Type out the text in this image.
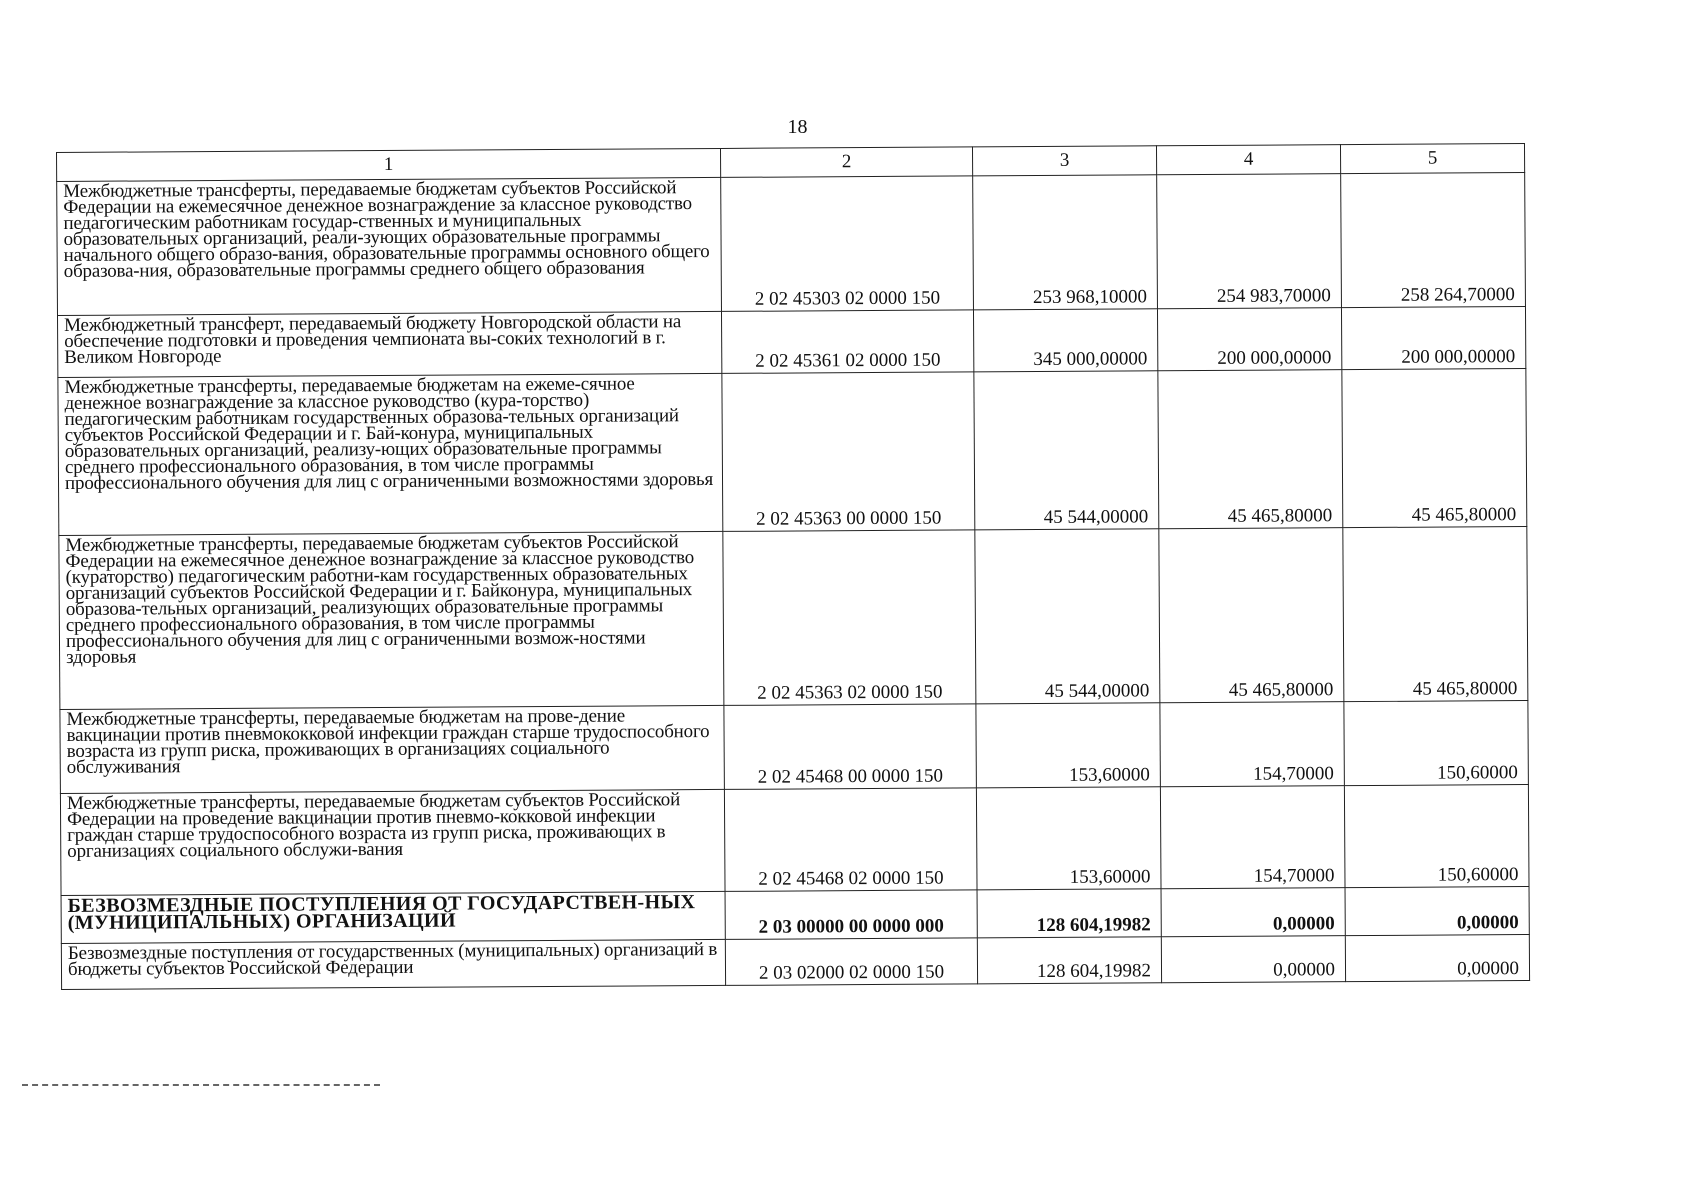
18
1	2	3	4	5
Межбюджетные трансферты, передаваемые бюджетам субъектов Российской Федерации на ежемесячное денежное вознаграждение за классное руководство педагогическим работникам государ-ственных и муниципальных образовательных организаций, реали-зующих образовательные программы начального общего образо-вания, образовательные программы основного общего образова-ния, образовательные программы среднего общего образования	2 02 45303 02 0000 150	253 968,10000	254 983,70000	258 264,70000
Межбюджетный трансферт, передаваемый бюджету Новгородской области на обеспечение подготовки и проведения чемпионата вы-соких технологий в г. Великом Новгороде	2 02 45361 02 0000 150	345 000,00000	200 000,00000	200 000,00000
Межбюджетные трансферты, передаваемые бюджетам на ежеме-сячное денежное вознаграждение за классное руководство (кура-торство) педагогическим работникам государственных образова-тельных организаций субъектов Российской Федерации и г. Бай-конура, муниципальных образовательных организаций, реализу-ющих образовательные программы среднего профессионального образования, в том числе программы профессионального обучения для лиц с ограниченными возможностями здоровья	2 02 45363 00 0000 150	45 544,00000	45 465,80000	45 465,80000
Межбюджетные трансферты, передаваемые бюджетам субъектов Российской Федерации на ежемесячное денежное вознаграждение за классное руководство (кураторство) педагогическим работни-кам государственных образовательных организаций субъектов Российской Федерации и г. Байконура, муниципальных образова-тельных организаций, реализующих образовательные программы среднего профессионального образования, в том числе программы профессионального обучения для лиц с ограниченными возмож-ностями здоровья	2 02 45363 02 0000 150	45 544,00000	45 465,80000	45 465,80000
Межбюджетные трансферты, передаваемые бюджетам на прове-дение вакцинации против пневмококковой инфекции граждан старше трудоспособного возраста из групп риска, проживающих в организациях социального обслуживания	2 02 45468 00 0000 150	153,60000	154,70000	150,60000
Межбюджетные трансферты, передаваемые бюджетам субъектов Российской Федерации на проведение вакцинации против пневмо-кокковой инфекции граждан старше трудоспособного возраста из групп риска, проживающих в организациях социального обслужи-вания	2 02 45468 02 0000 150	153,60000	154,70000	150,60000
БЕЗВОЗМЕЗДНЫЕ ПОСТУПЛЕНИЯ ОТ ГОСУДАРСТВЕН-НЫХ (МУНИЦИПАЛЬНЫХ) ОРГАНИЗАЦИЙ	2 03 00000 00 0000 000	128 604,19982	0,00000	0,00000
Безвозмездные поступления от государственных (муниципальных) организаций в бюджеты субъектов Российской Федерации	2 03 02000 02 0000 150	128 604,19982	0,00000	0,00000
